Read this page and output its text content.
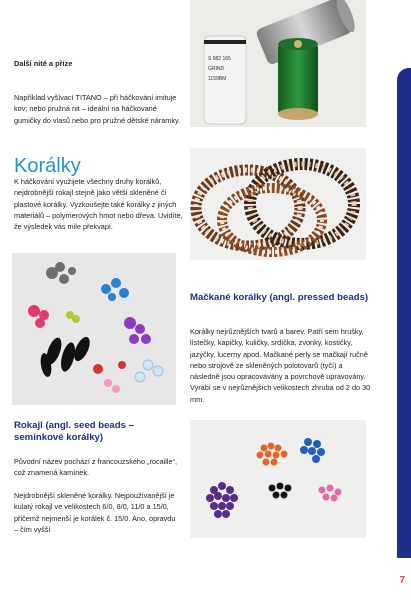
S 982 165
GRIND
1159BM
Další nitě a příze
Například vyšívací TITANO – při háčkování imituje kov; nebo pružná nit – ideální na háčkované gumičky do vlasů nebo pro pružné dětské náramky.
Korálky
K háčkování využijete všechny druhy korálků, nejdrobnější rokajl stejně jako větší skleněné či plastové korálky. Vyzkoušejte také korálky z jiných materiálů – polymerových hmot nebo dřeva. Uvidíte, že výsledek vás mile překvapí.
Mačkané korálky (angl. pressed beads)
Korálky nejrůznějších tvarů a barev. Patří sem hrušky, lístečky, kapičky, kuličky, srdíčka, zvonky, kostičky, jazýčky, lucerny apod. Mačkané perly se mačkají ručně nebo strojově ze skleněných polotovarů (tyčí) a následně jsou opracovávány a povrchově upravovány. Vyrábí se v nejrůznějších velikostech zhruba od 2 do 30 mm.
Rokajl (angl. seed beads – semínkové korálky)
Původní název pochází z francouzského „rocaille“, což znamená kamínek.
Nejdrobnější skleněné korálky. Nejpoužívanější je kulatý rokajl ve velikostech 6/0, 8/0, 11/0 a 15/0, přičemž nejmenší je korálek č. 15/0. Ano, opravdu – čím vyšší
7
